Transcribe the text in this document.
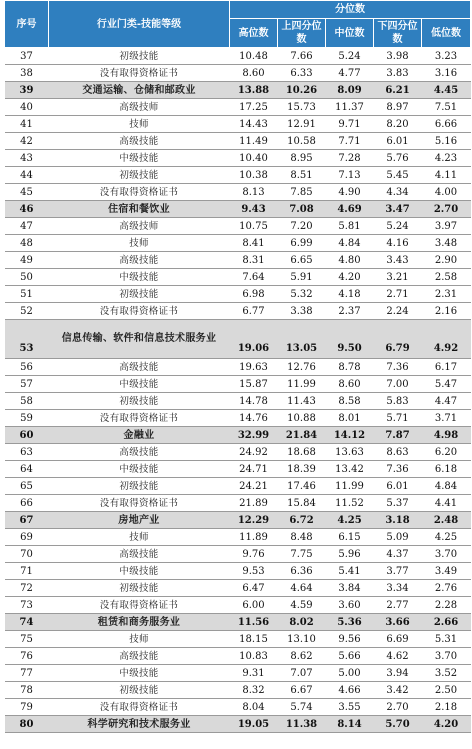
序号	行业门类-技能等级	分位数				
		高位数	上四分位数	中位数	下四分位数	低位数
37	初级技能	10.48	7.66	5.24	3.98	3.23
38	没有取得资格证书	8.60	6.33	4.77	3.83	3.16
39	交通运输、仓储和邮政业	13.88	10.26	8.09	6.21	4.45
40	高级技师	17.25	15.73	11.37	8.97	7.51
41	技师	14.43	12.91	9.71	8.20	6.66
42	高级技能	11.49	10.58	7.71	6.01	5.16
43	中级技能	10.40	8.95	7.28	5.76	4.23
44	初级技能	10.38	8.51	7.13	5.45	4.11
45	没有取得资格证书	8.13	7.85	4.90	4.34	4.00
46	住宿和餐饮业	9.43	7.08	4.69	3.47	2.70
47	高级技师	10.75	7.20	5.81	5.24	3.97
48	技师	8.41	6.99	4.84	4.16	3.48
49	高级技能	8.31	6.65	4.80	3.43	2.90
50	中级技能	7.64	5.91	4.20	3.21	2.58
51	初级技能	6.98	5.32	4.18	2.71	2.31
52	没有取得资格证书	6.77	3.38	2.37	2.24	2.16
53	信息传输、软件和信息技术服务业	19.06	13.05	9.50	6.79	4.92
56	高级技能	19.63	12.76	8.78	7.36	6.17
57	中级技能	15.87	11.99	8.60	7.00	5.47
58	初级技能	14.78	11.43	8.58	5.83	4.47
59	没有取得资格证书	14.76	10.88	8.01	5.71	3.71
60	金融业	32.99	21.84	14.12	7.87	4.98
63	高级技能	24.92	18.68	13.63	8.63	6.20
64	中级技能	24.71	18.39	13.42	7.36	6.18
65	初级技能	24.21	17.46	11.99	6.01	4.84
66	没有取得资格证书	21.89	15.84	11.52	5.37	4.41
67	房地产业	12.29	6.72	4.25	3.18	2.48
69	技师	11.89	8.48	6.15	5.09	4.25
70	高级技能	9.76	7.75	5.96	4.37	3.70
71	中级技能	9.53	6.36	5.41	3.77	3.49
72	初级技能	6.47	4.64	3.84	3.34	2.76
73	没有取得资格证书	6.00	4.59	3.60	2.77	2.28
74	租赁和商务服务业	11.56	8.02	5.36	3.66	2.66
75	技师	18.15	13.10	9.56	6.69	5.31
76	高级技能	10.83	8.62	5.66	4.62	3.70
77	中级技能	9.31	7.07	5.00	3.94	3.52
78	初级技能	8.32	6.67	4.66	3.42	2.50
79	没有取得资格证书	8.04	5.74	3.55	2.70	2.18
80	科学研究和技术服务业	19.05	11.38	8.14	5.70	4.20
